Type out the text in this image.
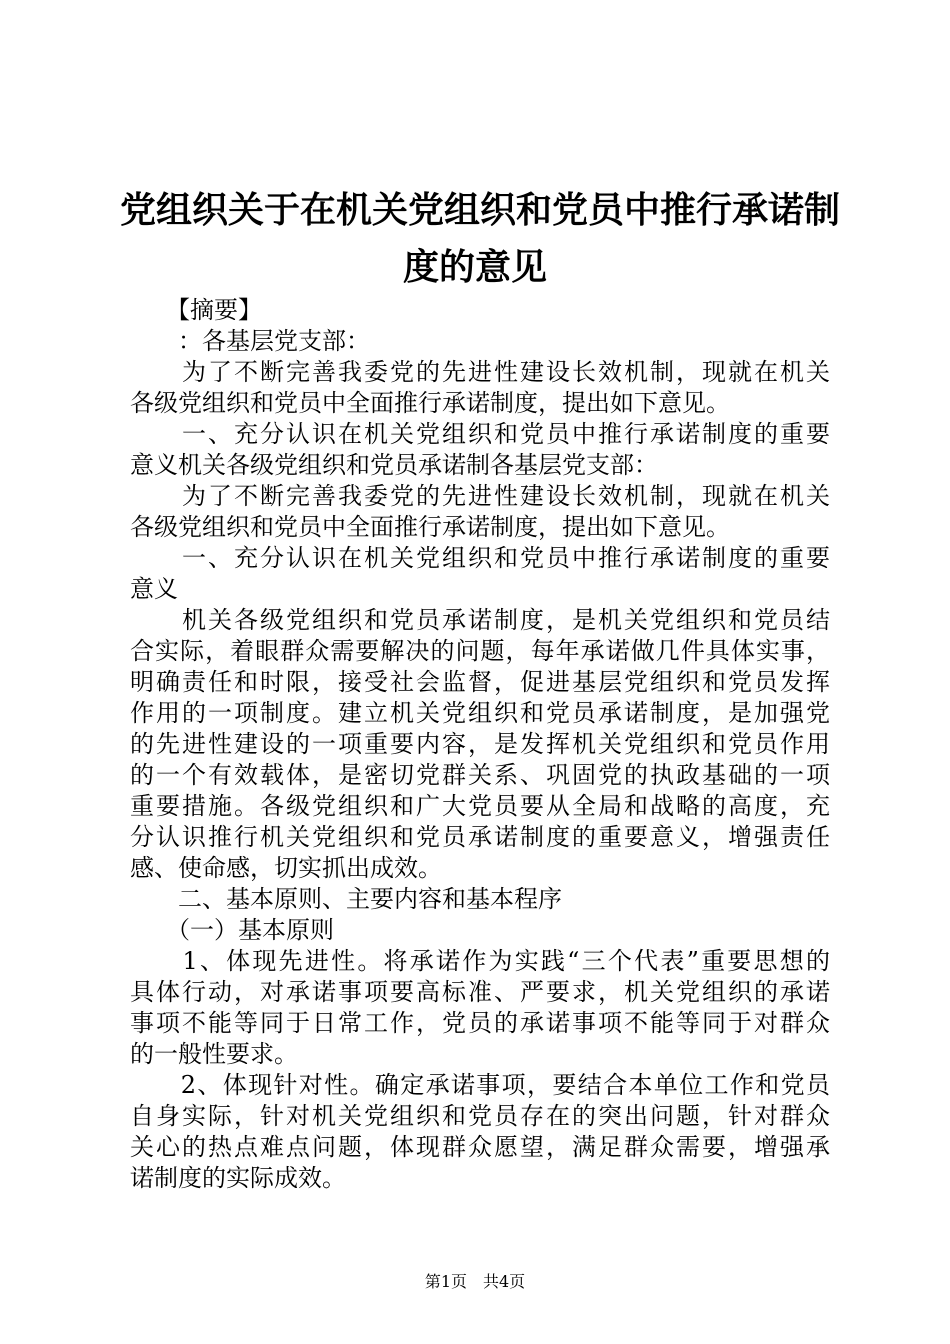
党组织关于在机关党组织和党员中推行承诺制
度的意见
　　【摘要】
　　：各基层党支部：
　　为了不断完善我委党的先进性建设长效机制，现就在机关
各级党组织和党员中全面推行承诺制度，提出如下意见。
　　一、充分认识在机关党组织和党员中推行承诺制度的重要
意义机关各级党组织和党员承诺制各基层党支部：
　　为了不断完善我委党的先进性建设长效机制，现就在机关
各级党组织和党员中全面推行承诺制度，提出如下意见。
　　一、充分认识在机关党组织和党员中推行承诺制度的重要
意义
　　机关各级党组织和党员承诺制度，是机关党组织和党员结
合实际，着眼群众需要解决的问题，每年承诺做几件具体实事，
明确责任和时限，接受社会监督，促进基层党组织和党员发挥
作用的一项制度。建立机关党组织和党员承诺制度，是加强党
的先进性建设的一项重要内容，是发挥机关党组织和党员作用
的一个有效载体，是密切党群关系、巩固党的执政基础的一项
重要措施。各级党组织和广大党员要从全局和战略的高度，充
分认识推行机关党组织和党员承诺制度的重要意义，增强责任
感、使命感，切实抓出成效。
　　二、基本原则、主要内容和基本程序
　　（一）基本原则
　　1、体现先进性。将承诺作为实践“三个代表”重要思想的
具体行动，对承诺事项要高标准、严要求，机关党组织的承诺
事项不能等同于日常工作，党员的承诺事项不能等同于对群众
的一般性要求。
　　2、体现针对性。确定承诺事项，要结合本单位工作和党员
自身实际，针对机关党组织和党员存在的突出问题，针对群众
关心的热点难点问题，体现群众愿望，满足群众需要，增强承
诺制度的实际成效。
第1页　共4页
